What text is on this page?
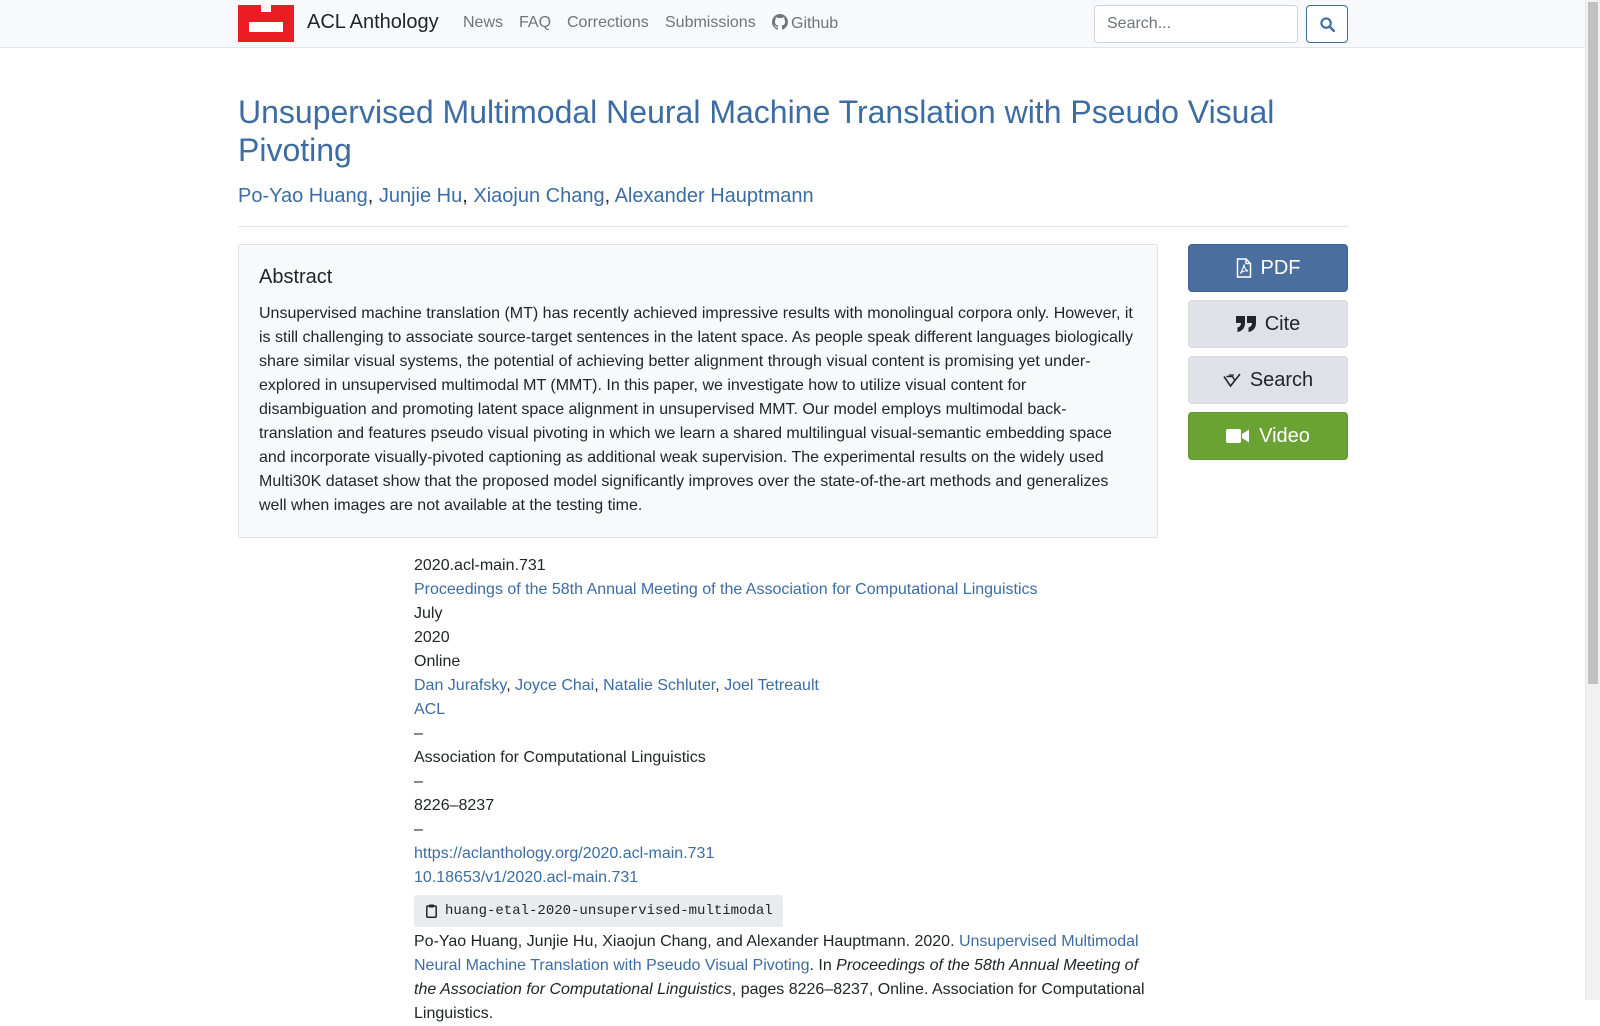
ACL Anthology News FAQ Corrections Submissions	Github
Search...
Unsupervised Multimodal Neural Machine Translation with Pseudo Visual Pivoting
Po-Yao Huang, Junjie Hu, Xiaojun Chang, Alexander Hauptmann
Abstract

Unsupervised machine translation (MT) has recently achieved impressive results with monolingual corpora only. However, it is still challenging to associate source-target sentences in the latent space. As people speak different languages biologically share similar visual systems, the potential of achieving better alignment through visual content is promising yet under-explored in unsupervised multimodal MT (MMT). In this paper, we investigate how to utilize visual content for disambiguation and promoting latent space alignment in unsupervised MMT. Our model employs multimodal back-translation and features pseudo visual pivoting in which we learn a shared multilingual visual-semantic embedding space and incorporate visually-pivoted captioning as additional weak supervision. The experimental results on the widely used Multi30K dataset show that the proposed model significantly improves over the state-of-the-art methods and generalizes well when images are not available at the testing time.

PDF
Cite
Search
Video
2020.acl-main.731
Proceedings of the 58th Annual Meeting of the Association for Computational Linguistics
July
2020
Online
Dan Jurafsky, Joyce Chai, Natalie Schluter, Joel Tetreault
ACL
–
Association for Computational Linguistics
–
8226–8237
–
https://aclanthology.org/2020.acl-main.731
10.18653/v1/2020.acl-main.731
huang-etal-2020-unsupervised-multimodal

Po-Yao Huang, Junjie Hu, Xiaojun Chang, and Alexander Hauptmann. 2020. Unsupervised Multimodal Neural Machine Translation with Pseudo Visual Pivoting. In Proceedings of the 58th Annual Meeting of the Association for Computational Linguistics, pages 8226–8237, Online. Association for Computational Linguistics.
